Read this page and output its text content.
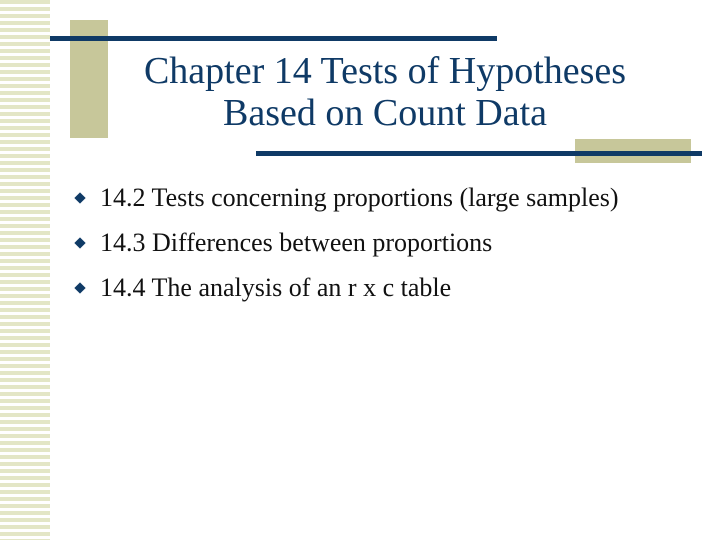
Chapter 14 Tests of Hypotheses
Based on Count Data
14.2 Tests concerning proportions (large samples)
14.3 Differences between proportions
14.4 The analysis of an r x c table
